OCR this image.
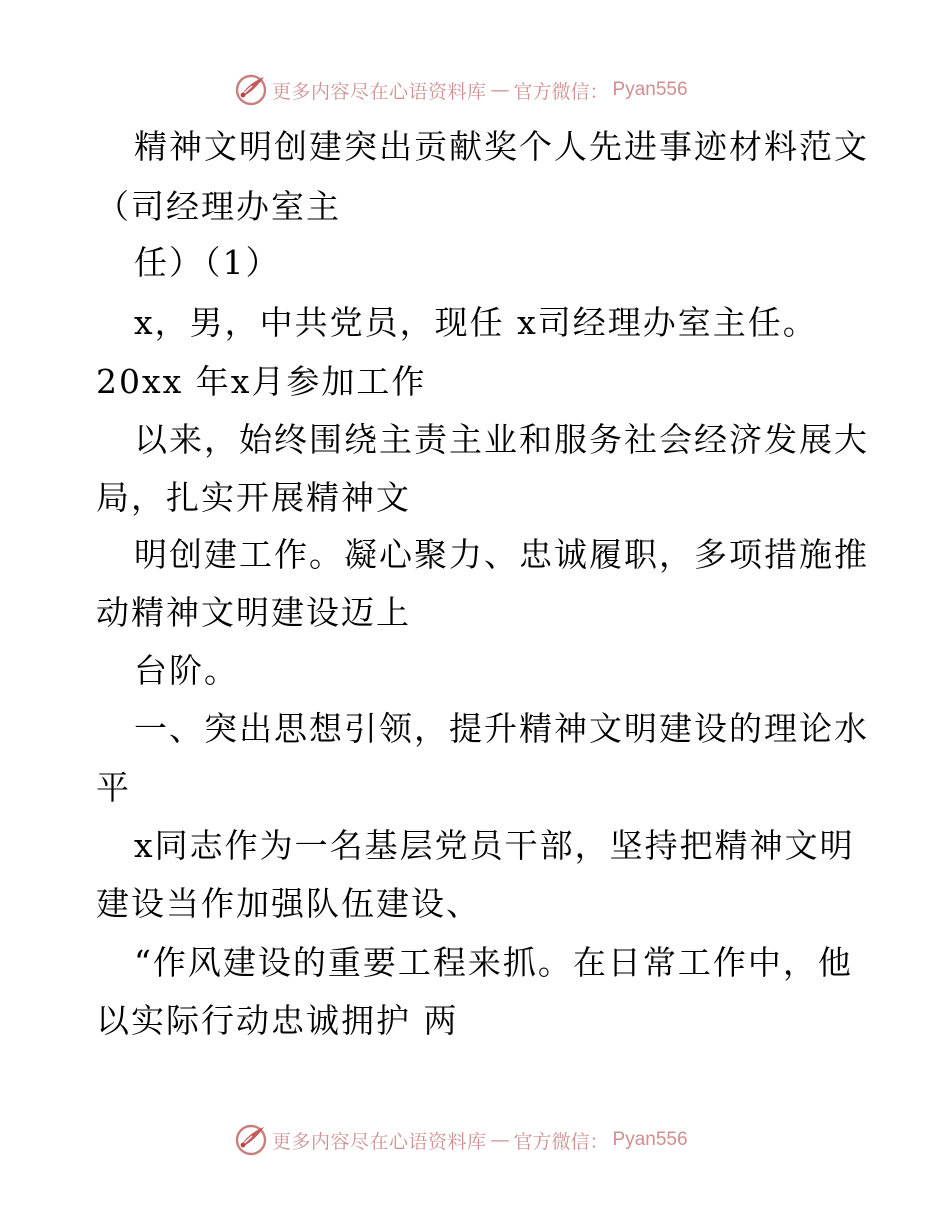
更多内容尽在心语资料库 — 官方微信： Pyan556
精神文明创建突出贡献奖个人先进事迹材料范文
（司经理办室主
任）（1）
x，男，中共党员，现任 x司经理办室主任。
20xx 年x月参加工作
以来，始终围绕主责主业和服务社会经济发展大
局，扎实开展精神文
明创建工作。凝心聚力、忠诚履职，多项措施推
动精神文明建设迈上
台阶。
一、突出思想引领，提升精神文明建设的理论水
平
x同志作为一名基层党员干部，坚持把精神文明
建设当作加强队伍建设、
“作风建设的重要工程来抓。在日常工作中，他
以实际行动忠诚拥护 两
更多内容尽在心语资料库 — 官方微信： Pyan556
